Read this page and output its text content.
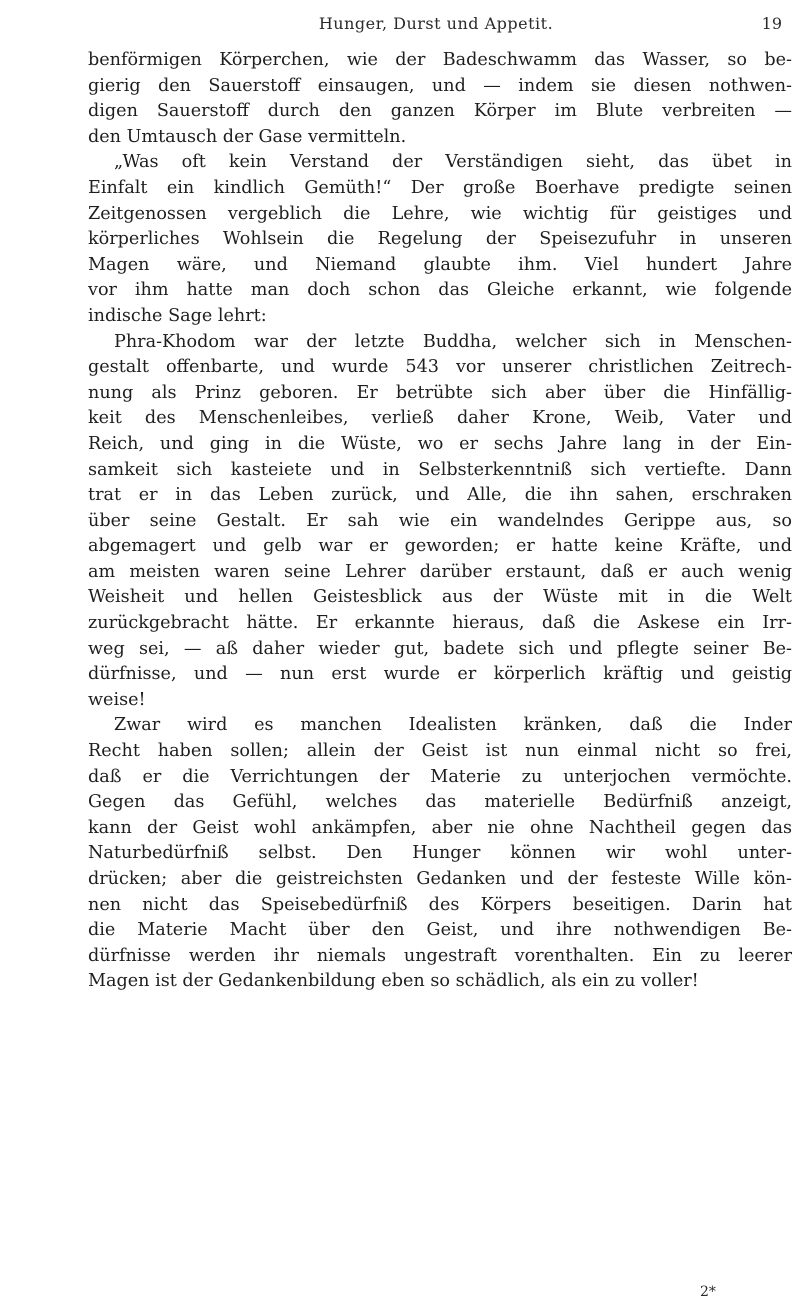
Hunger, Durst und Appetit.	19
benförmigen Körperchen, wie der Badeschwamm das Wasser, so be-
gierig den Sauerstoff einsaugen, und — indem sie diesen nothwen-
digen Sauerstoff durch den ganzen Körper im Blute verbreiten —
den Umtausch der Gase vermitteln.
„Was oft kein Verstand der Verständigen sieht, das übet in
Einfalt ein kindlich Gemüth!“ Der große Boerhave predigte seinen
Zeitgenossen vergeblich die Lehre, wie wichtig für geistiges und
körperliches Wohlsein die Regelung der Speisezufuhr in unseren
Magen wäre, und Niemand glaubte ihm. Viel hundert Jahre
vor ihm hatte man doch schon das Gleiche erkannt, wie folgende
indische Sage lehrt:
Phra-Khodom war der letzte Buddha, welcher sich in Menschen-
gestalt offenbarte, und wurde 543 vor unserer christlichen Zeitrech-
nung als Prinz geboren. Er betrübte sich aber über die Hinfällig-
keit des Menschenleibes, verließ daher Krone, Weib, Vater und
Reich, und ging in die Wüste, wo er sechs Jahre lang in der Ein-
samkeit sich kasteiete und in Selbsterkenntniß sich vertiefte. Dann
trat er in das Leben zurück, und Alle, die ihn sahen, erschraken
über seine Gestalt. Er sah wie ein wandelndes Gerippe aus, so
abgemagert und gelb war er geworden; er hatte keine Kräfte, und
am meisten waren seine Lehrer darüber erstaunt, daß er auch wenig
Weisheit und hellen Geistesblick aus der Wüste mit in die Welt
zurückgebracht hätte. Er erkannte hieraus, daß die Askese ein Irr-
weg sei, — aß daher wieder gut, badete sich und pflegte seiner Be-
dürfnisse, und — nun erst wurde er körperlich kräftig und geistig
weise!
Zwar wird es manchen Idealisten kränken, daß die Inder
Recht haben sollen; allein der Geist ist nun einmal nicht so frei,
daß er die Verrichtungen der Materie zu unterjochen vermöchte.
Gegen das Gefühl, welches das materielle Bedürfniß anzeigt,
kann der Geist wohl ankämpfen, aber nie ohne Nachtheil gegen das
Naturbedürfniß selbst. Den Hunger können wir wohl unter-
drücken; aber die geistreichsten Gedanken und der festeste Wille kön-
nen nicht das Speisebedürfniß des Körpers beseitigen. Darin hat
die Materie Macht über den Geist, und ihre nothwendigen Be-
dürfnisse werden ihr niemals ungestraft vorenthalten. Ein zu leerer
Magen ist der Gedankenbildung eben so schädlich, als ein zu voller!
2*
